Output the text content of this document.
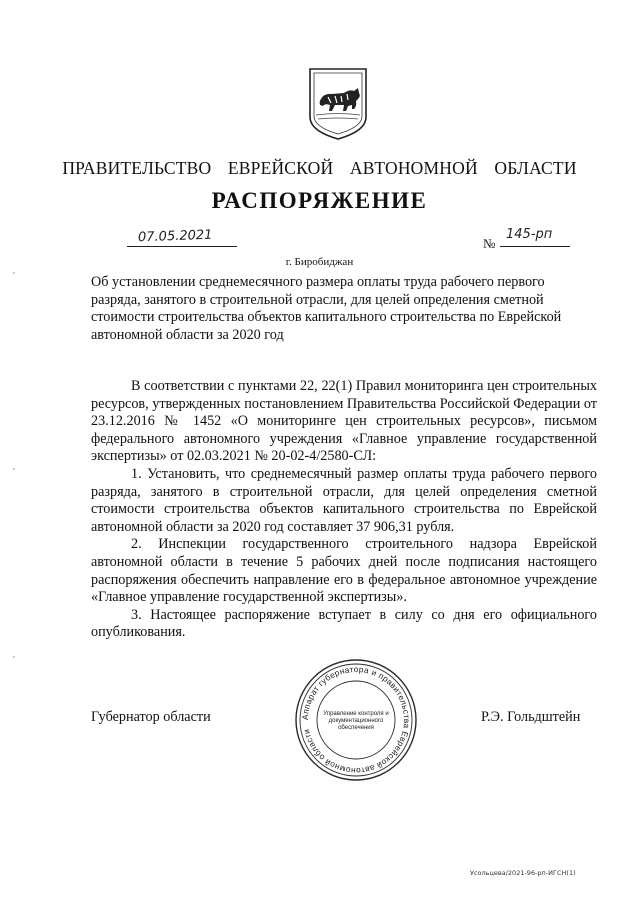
ПРАВИТЕЛЬСТВО ЕВРЕЙСКОЙ АВТОНОМНОЙ ОБЛАСТИ
РАСПОРЯЖЕНИЕ
07.05.2021	№
145-рп
г. Биробиджан
Об установлении среднемесячного размера оплаты труда рабочего первого разряда, занятого в строительной отрасли, для целей определения сметной стоимости строительства объектов капитального строительства по Еврейской автономной области за 2020 год

В соответствии с пунктами 22, 22(1) Правил мониторинга цен строительных ресурсов, утвержденных постановлением Правительства Российской Федерации от 23.12.2016 № 1452 «О мониторинге цен строительных ресурсов», письмом федерального автономного учреждения «Главное управление государственной экспертизы» от 02.03.2021 № 20-02-4/2580-СЛ:

1. Установить, что среднемесячный размер оплаты труда рабочего первого разряда, занятого в строительной отрасли, для целей определения сметной стоимости строительства объектов капитального строительства по Еврейской автономной области за 2020 год составляет 37 906,31 рубля.

2. Инспекции государственного строительного надзора Еврейской автономной области в течение 5 рабочих дней после подписания настоящего распоряжения обеспечить направление его в федеральное автономное учреждение «Главное управление государственной экспертизы».

3. Настоящее распоряжение вступает в силу со дня его официального опубликования.

Губернатор области	Р.Э. Гольдштейн
Аппарат губернатора и правительства Еврейской автономной области
Управление контроля и
документационного
обеспечения
Усольцева/2021-96-рп-ИГСН(1)
